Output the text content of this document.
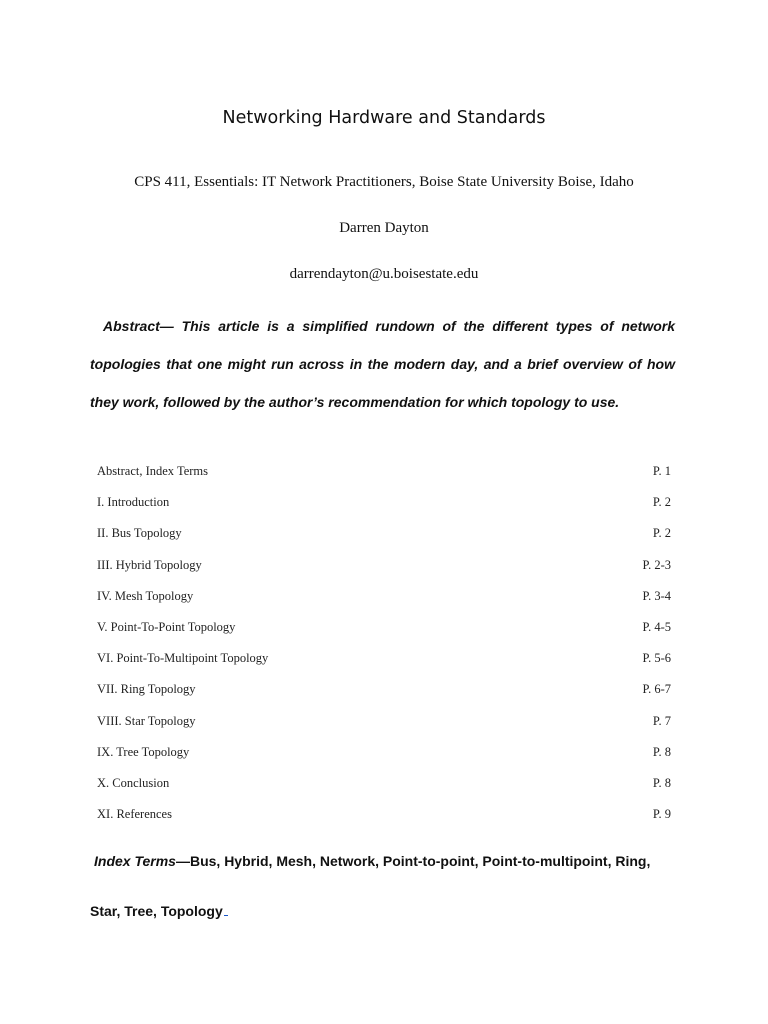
Networking Hardware and Standards
CPS 411, Essentials: IT Network Practitioners, Boise State University Boise, Idaho
Darren Dayton
darrendayton@u.boisestate.edu
Abstract— This article is a simplified rundown of the different types of network topologies that one might run across in the modern day, and a brief overview of how they work, followed by the author’s recommendation for which topology to use.
Abstract, Index Terms	P. 1
I. Introduction	P. 2
II. Bus Topology	P. 2
III. Hybrid Topology	P. 2-3
IV. Mesh Topology	P. 3-4
V. Point-To-Point Topology	P. 4-5
VI. Point-To-Multipoint Topology	P. 5-6
VII. Ring Topology	P. 6-7
VIII. Star Topology	P. 7
IX. Tree Topology	P. 8
X. Conclusion	P. 8
XI. References	P. 9
Index Terms—Bus, Hybrid, Mesh, Network, Point-to-point, Point-to-multipoint, Ring, Star, Tree, Topology
